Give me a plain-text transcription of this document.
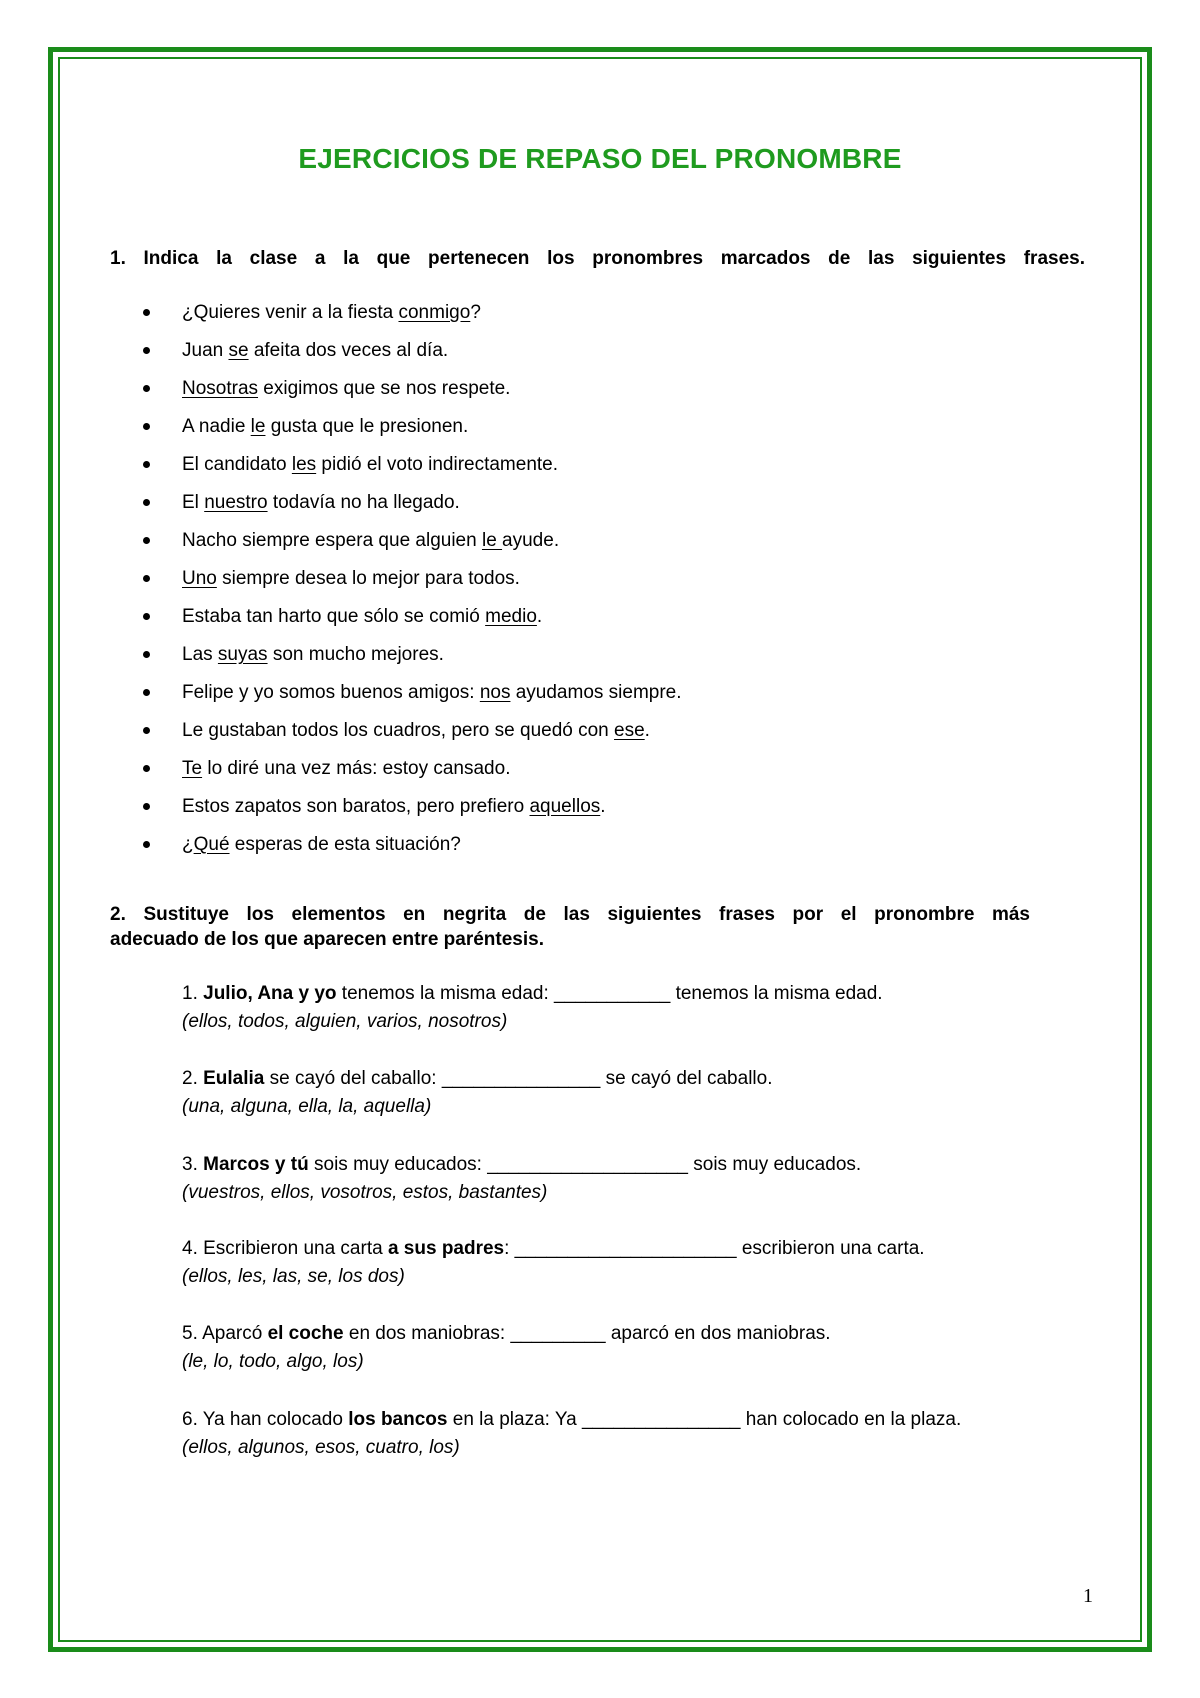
EJERCICIOS DE REPASO DEL PRONOMBRE
1. Indica la clase a la que pertenecen los pronombres marcados de las siguientes frases.
¿Quieres venir a la fiesta conmigo?
Juan se afeita dos veces al día.
Nosotras exigimos que se nos respete.
A nadie le gusta que le presionen.
El candidato les pidió el voto indirectamente.
El nuestro todavía no ha llegado.
Nacho siempre espera que alguien le ayude.
Uno siempre desea lo mejor para todos.
Estaba tan harto que sólo se comió medio.
Las suyas son mucho mejores.
Felipe y yo somos buenos amigos: nos ayudamos siempre.
Le gustaban todos los cuadros, pero se quedó con ese.
Te lo diré una vez más: estoy cansado.
Estos zapatos son baratos, pero prefiero aquellos.
¿Qué esperas de esta situación?
2. Sustituye los elementos en negrita de las siguientes frases por el pronombre más
adecuado de los que aparecen entre paréntesis.
1. Julio, Ana y yo tenemos la misma edad: ___________ tenemos la misma edad.
(ellos, todos, alguien, varios, nosotros)
2. Eulalia se cayó del caballo: _______________ se cayó del caballo.
(una, alguna, ella, la, aquella)
3. Marcos y tú sois muy educados: ___________________ sois muy educados.
(vuestros, ellos, vosotros, estos, bastantes)
4. Escribieron una carta a sus padres: _____________________ escribieron una carta.
(ellos, les, las, se, los dos)
5. Aparcó el coche en dos maniobras: _________ aparcó en dos maniobras.
(le, lo, todo, algo, los)
6. Ya han colocado los bancos en la plaza: Ya _______________ han colocado en la plaza.
(ellos, algunos, esos, cuatro, los)
1
